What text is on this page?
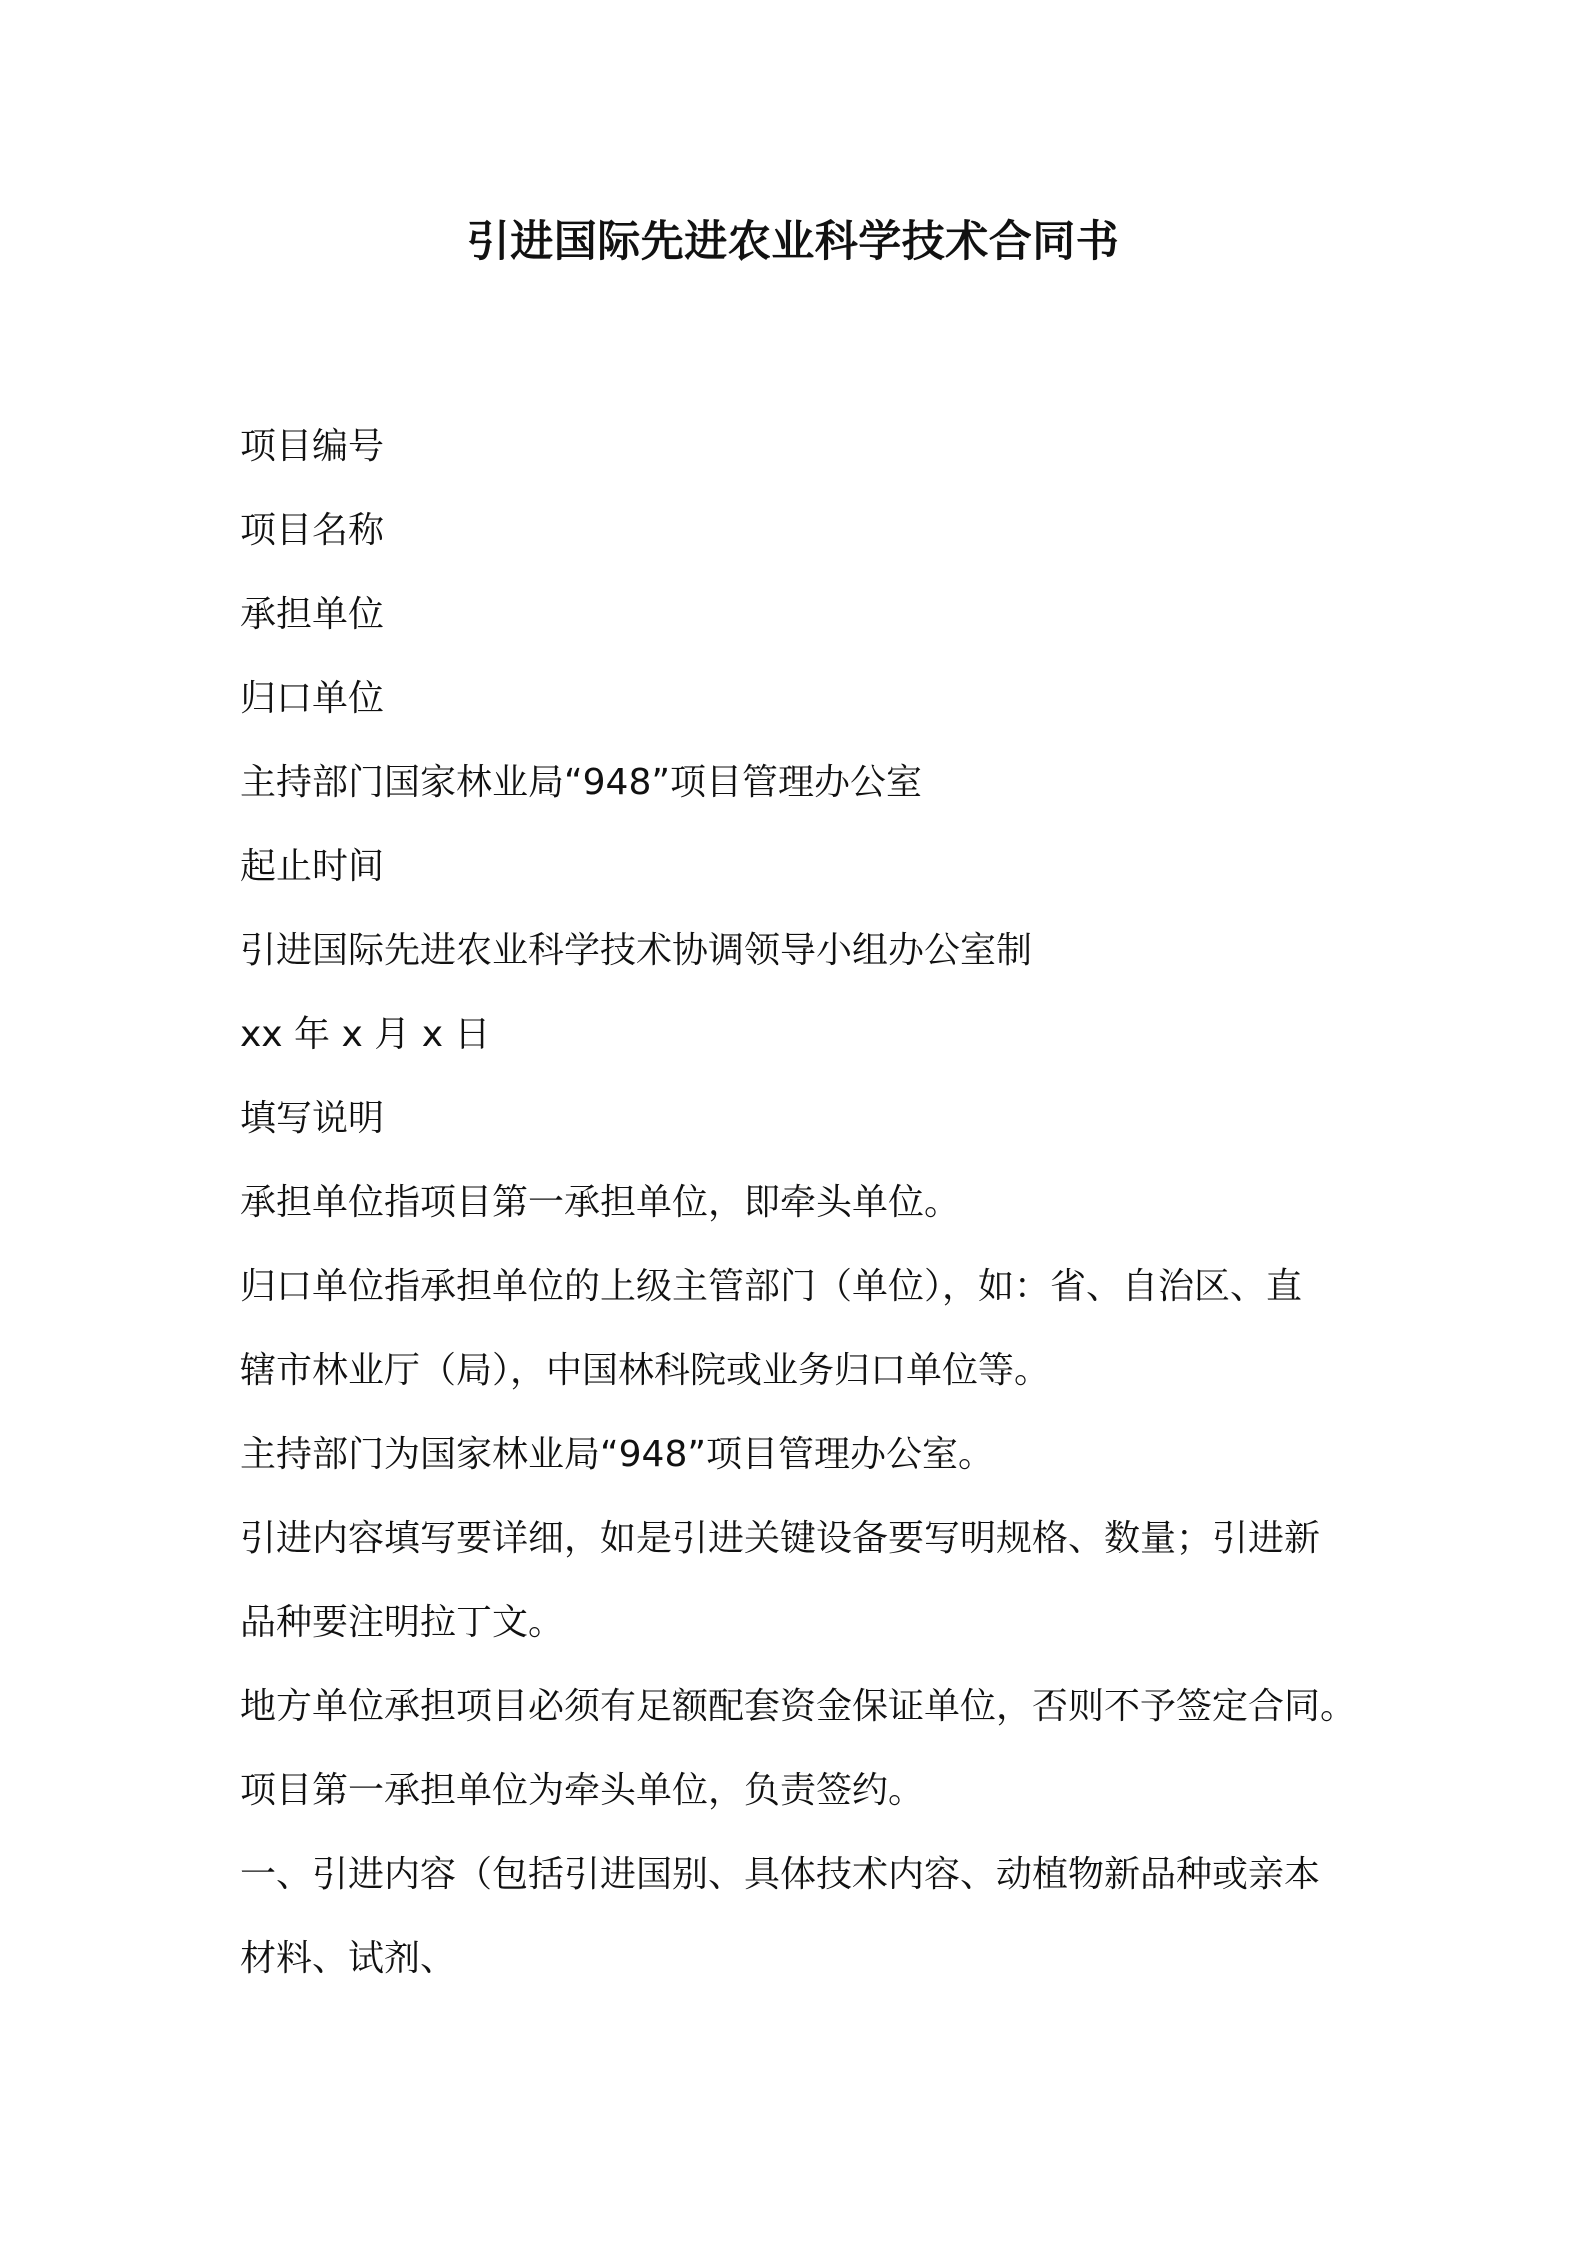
引进国际先进农业科学技术合同书

项目编号

项目名称

承担单位

归口单位

主持部门国家林业局“948”项目管理办公室

起止时间

引进国际先进农业科学技术协调领导小组办公室制

xx 年 x 月 x 日

填写说明

承担单位指项目第一承担单位，即牵头单位。

归口单位指承担单位的上级主管部门（单位），如：省、自治区、直

辖市林业厅（局），中国林科院或业务归口单位等。

主持部门为国家林业局“948”项目管理办公室。

引进内容填写要详细，如是引进关键设备要写明规格、数量；引进新

品种要注明拉丁文。

地方单位承担项目必须有足额配套资金保证单位，否则不予签定合同。

项目第一承担单位为牵头单位，负责签约。

一、引进内容（包括引进国别、具体技术内容、动植物新品种或亲本

材料、试剂、
